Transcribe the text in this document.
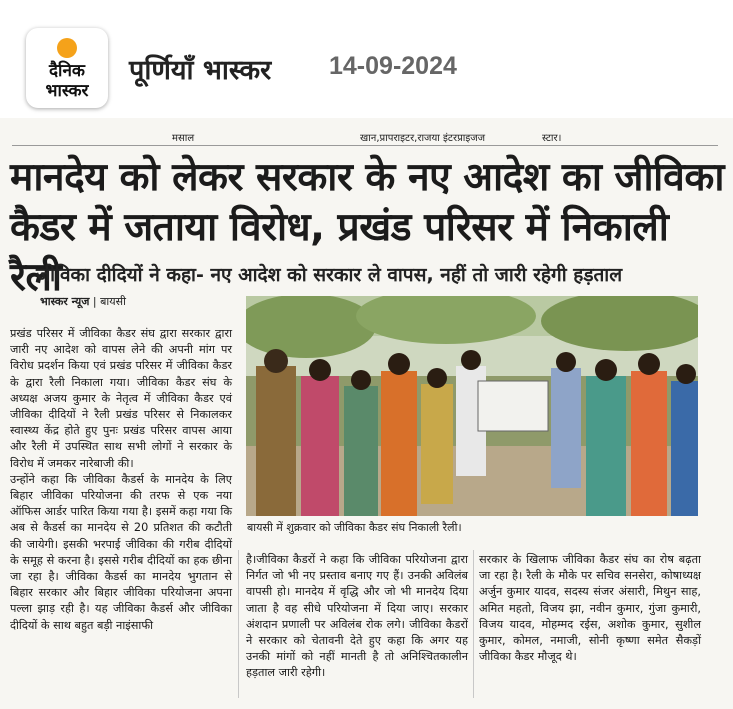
दैनिक
भास्कर
पूर्णियाँ भास्कर 14-09-2024
मसाल	खान,प्रापराइटर,राजया इंटरप्राइजज	स्टार।
मानदेय को लेकर सरकार के नए आदेश का जीविका कैडर में जताया विरोध, प्रखंड परिसर में निकाली रैली
जीविका दीदियों ने कहा- नए आदेश को सरकार ले वापस, नहीं तो जारी रहेगी हड़ताल
भास्कर न्यूज | बायसी

प्रखंड परिसर में जीविका कैडर संघ द्वारा सरकार द्वारा जारी नए आदेश को वापस लेने की अपनी मांग पर विरोध प्रदर्शन किया एवं प्रखंड परिसर में जीविका कैडर के द्वारा रैली निकाला गया। जीविका कैडर संघ के अध्यक्ष अजय कुमार के नेतृत्व में जीविका कैडर एवं जीविका दीदियों ने रैली प्रखंड परिसर से निकालकर स्वास्थ्य केंद्र होते हुए पुनः प्रखंड परिसर वापस आया और रैली में उपस्थित साथ सभी लोगों ने सरकार के विरोध में जमकर नारेबाजी की।

उन्होंने कहा कि जीविका कैडर्स के मानदेय के लिए बिहार जीविका परियोजना की तरफ से एक नया ऑफिस आर्डर पारित किया गया है। इसमें कहा गया कि अब से कैडर्स का मानदेय से 20 प्रतिशत की कटौती की जायेगी। इसकी भरपाई जीविका की गरीब दीदियों के समूह से करना है। इससे गरीब दीदियों का हक छीना जा रहा है। जीविका कैडर्स का मानदेय भुगतान से बिहार सरकार और बिहार जीविका परियोजना अपना पल्ला झाड़ रही है। यह जीविका कैडर्स और जीविका दीदियों के साथ बहुत बड़ी नाइंसाफी

बायसी में शुक्रवार को जीविका कैडर संघ निकाली रैली।

है।जीविका कैडरों ने कहा कि जीविका परियोजना द्वारा निर्गत जो भी नए प्रस्ताव बनाए गए हैं। उनकी अविलंब वापसी हो। मानदेय में वृद्धि और जो भी मानदेय दिया जाता है वह सीधे परियोजना में दिया जाए। सरकार अंशदान प्रणाली पर अविलंब रोक लगे। जीविका कैडरों ने सरकार को चेतावनी देते हुए कहा कि अगर यह उनकी मांगों को नहीं मानती है तो अनिश्चितकालीन हड़ताल जारी रहेगी।

सरकार के खिलाफ जीविका कैडर संघ का रोष बढ़ता जा रहा है। रैली के मौके पर सचिव सनसेरा, कोषाध्यक्ष अर्जुन कुमार यादव, सदस्य संजर अंसारी, मिथुन साह, अमित महतो, विजय झा, नवीन कुमार, गुंजा कुमारी, विजय यादव, मोहम्मद रईस, अशोक कुमार, सुशील कुमार, कोमल, नमाजी, सोनी कृष्णा समेत सैकड़ों जीविका कैडर मौजूद थे।
